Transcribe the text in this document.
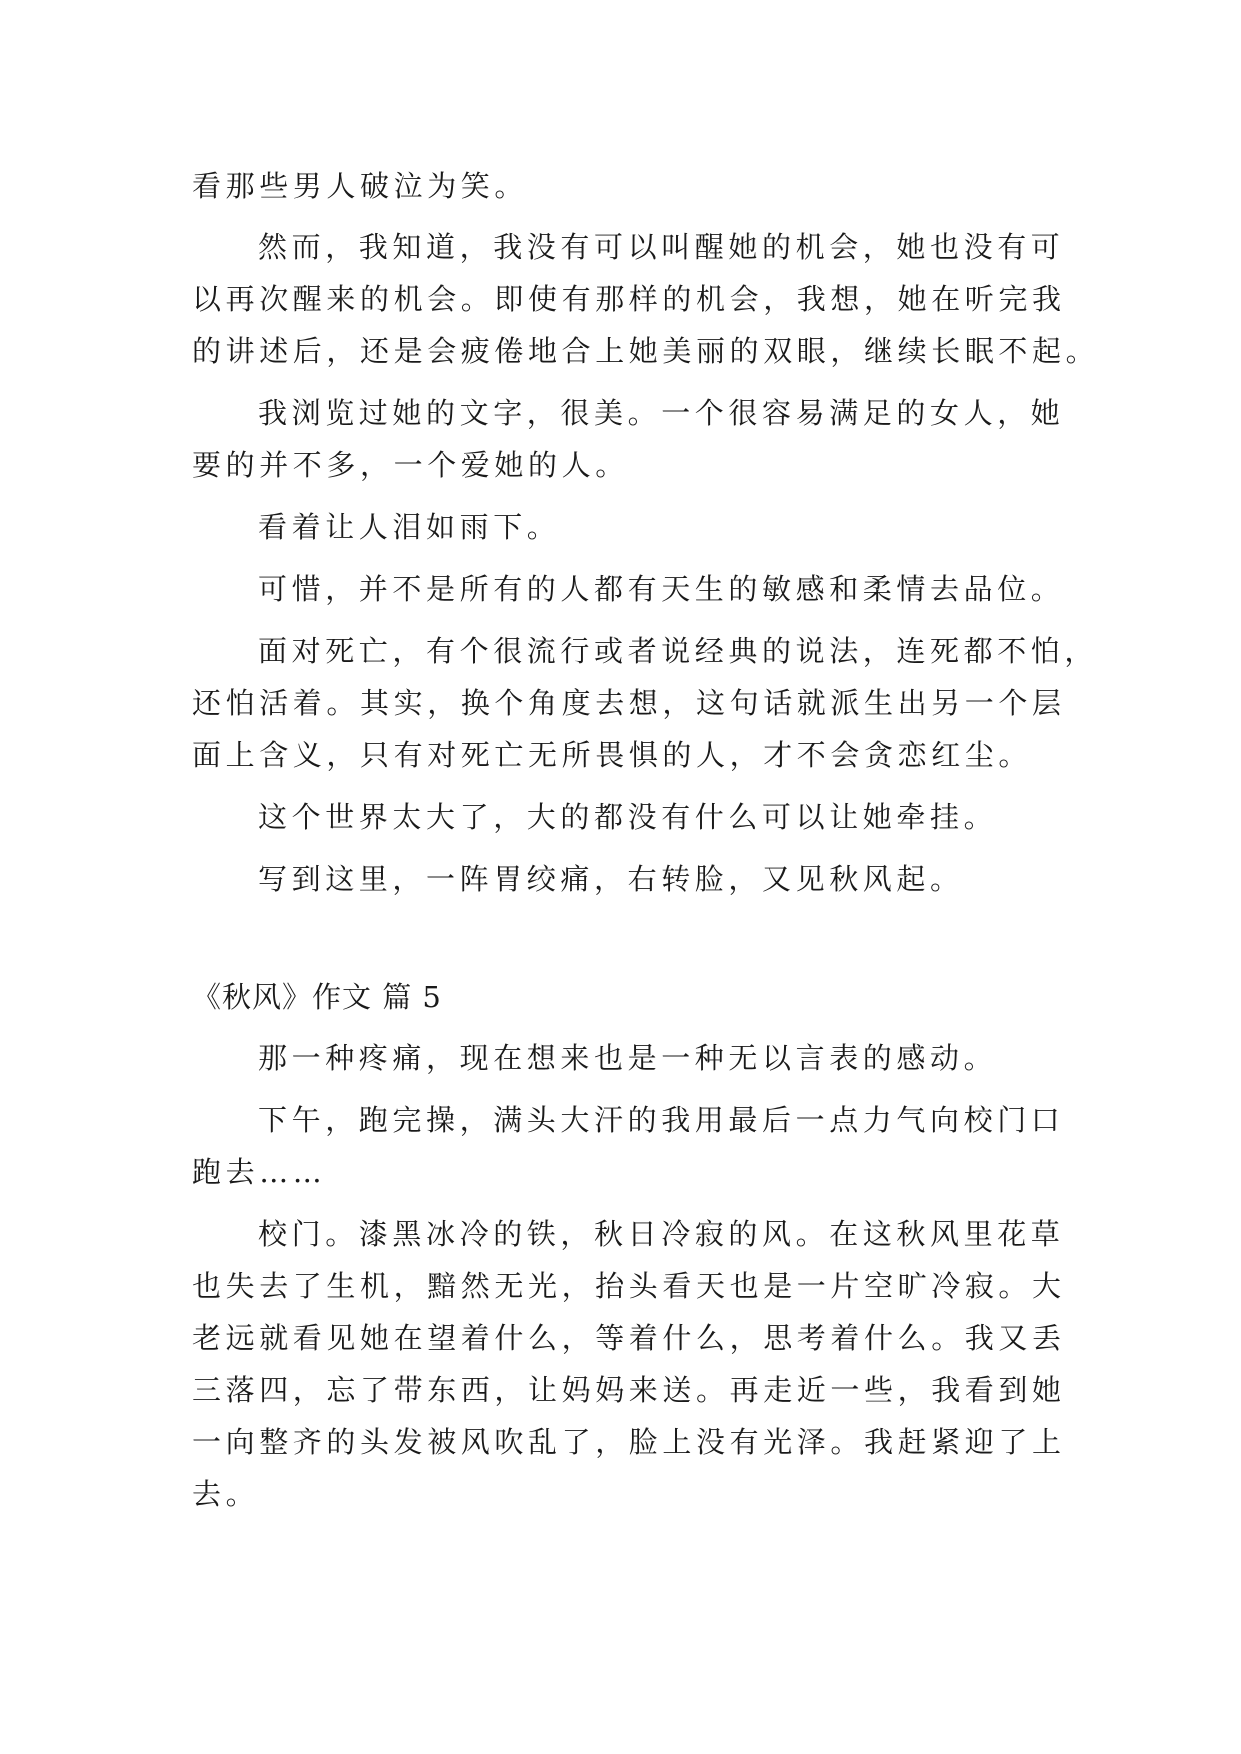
看那些男人破泣为笑。
然而，我知道，我没有可以叫醒她的机会，她也没有可
以再次醒来的机会。即使有那样的机会，我想，她在听完我
的讲述后，还是会疲倦地合上她美丽的双眼，继续长眠不起。
我浏览过她的文字，很美。一个很容易满足的女人，她
要的并不多，一个爱她的人。
看着让人泪如雨下。
可惜，并不是所有的人都有天生的敏感和柔情去品位。
面对死亡，有个很流行或者说经典的说法，连死都不怕，
还怕活着。其实，换个角度去想，这句话就派生出另一个层
面上含义，只有对死亡无所畏惧的人，才不会贪恋红尘。
这个世界太大了，大的都没有什么可以让她牵挂。
写到这里，一阵胃绞痛，右转脸，又见秋风起。
《秋风》作文 篇 5
那一种疼痛，现在想来也是一种无以言表的感动。
下午，跑完操，满头大汗的我用最后一点力气向校门口
跑去……
校门。漆黑冰冷的铁，秋日冷寂的风。在这秋风里花草
也失去了生机，黯然无光，抬头看天也是一片空旷冷寂。大
老远就看见她在望着什么，等着什么，思考着什么。我又丢
三落四，忘了带东西，让妈妈来送。再走近一些，我看到她
一向整齐的头发被风吹乱了，脸上没有光泽。我赶紧迎了上
去。
